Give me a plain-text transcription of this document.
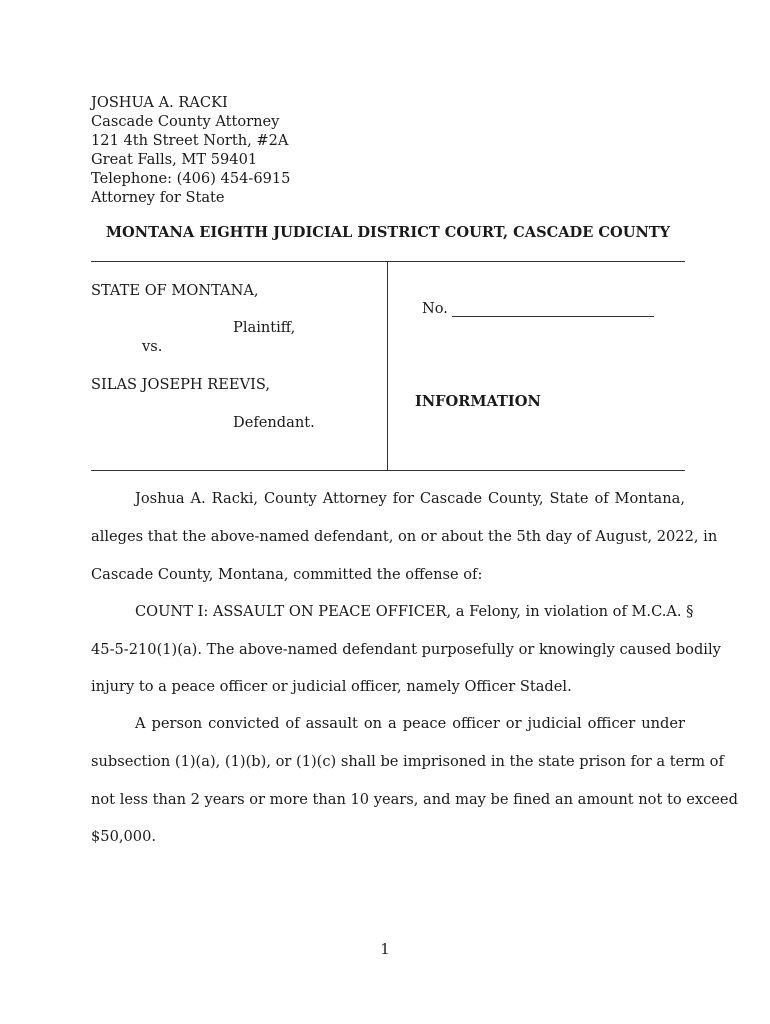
JOSHUA A. RACKI
Cascade County Attorney
121 4th Street North, #2A
Great Falls, MT 59401
Telephone: (406) 454-6915
Attorney for State
MONTANA EIGHTH JUDICIAL DISTRICT COURT, CASCADE COUNTY
STATE OF MONTANA,
Plaintiff,
vs.
SILAS JOSEPH REEVIS,
Defendant.
No.
INFORMATION
Joshua A. Racki, County Attorney for Cascade County, State of Montana,
alleges that the above-named defendant, on or about the 5th day of August, 2022, in
Cascade County, Montana, committed the offense of:
COUNT I: ASSAULT ON PEACE OFFICER, a Felony, in violation of M.C.A. §
45-5-210(1)(a). The above-named defendant purposefully or knowingly caused bodily
injury to a peace officer or judicial officer, namely Officer Stadel.
A person convicted of assault on a peace officer or judicial officer under
subsection (1)(a), (1)(b), or (1)(c) shall be imprisoned in the state prison for a term of
not less than 2 years or more than 10 years, and may be fined an amount not to exceed
$50,000.
1
